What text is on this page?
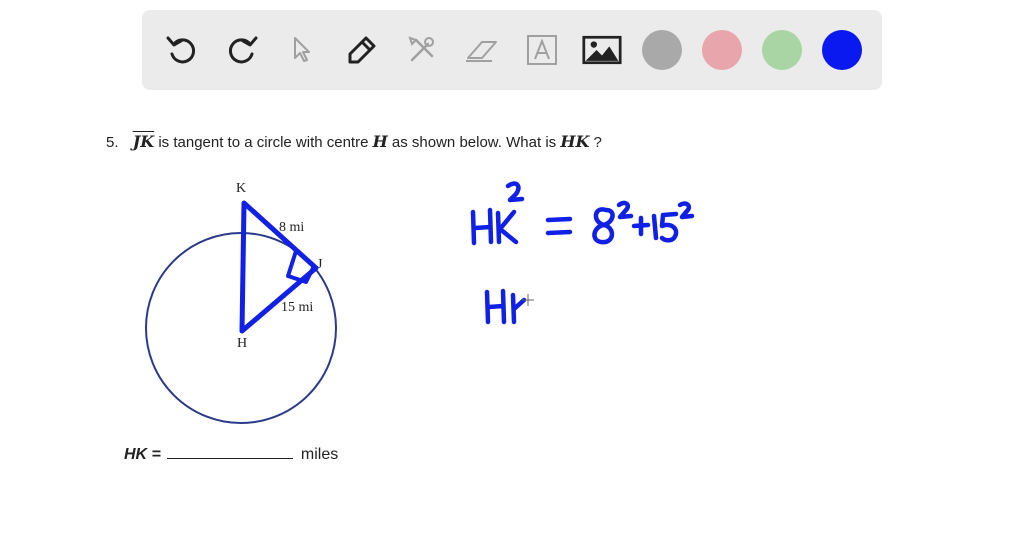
5. $\overline{JK}$ is tangent to a circle with centre H as shown below. What is HK ?
K
J
H
8 mi
15 mi
HK =	miles
